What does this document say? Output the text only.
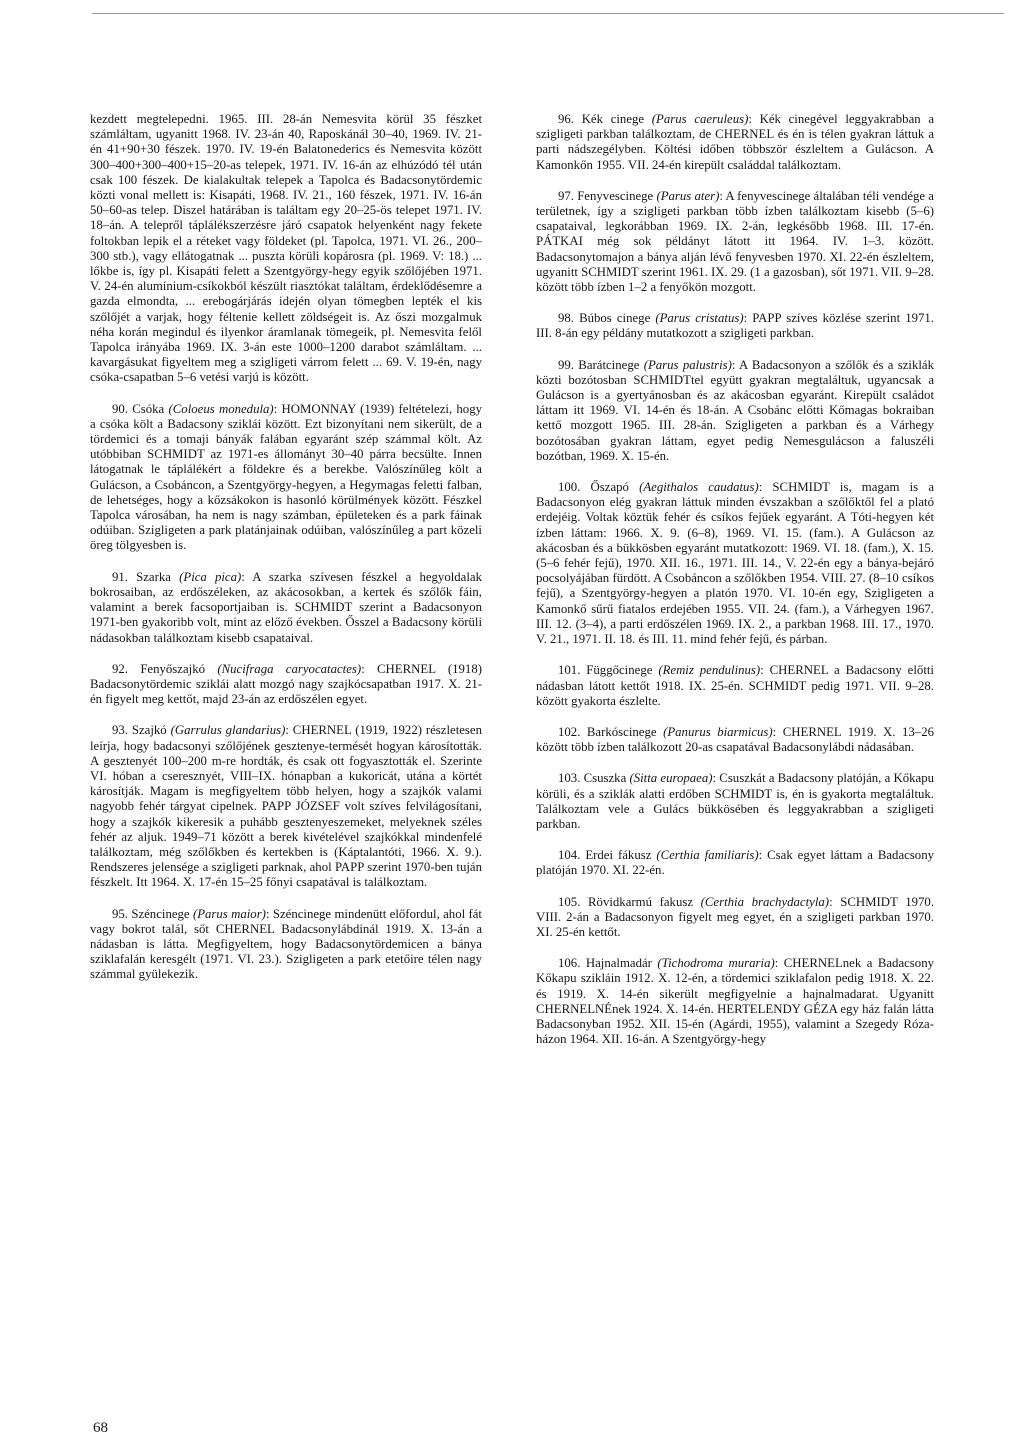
kezdett megtelepedni. 1965. III. 28-án Nemesvita körül 35 fészket számláltam, ugyanitt 1968. IV. 23-án 40, Raposkánál 30–40, 1969. IV. 21-én 41+90+30 fészek. 1970. IV. 19-én Balatonederics és Nemesvita között 300–400+300–400+15–20-as telepek, 1971. IV. 16-án az elhúzódó tél után csak 100 fészek. De kialakultak telepek a Tapolca és Badacsonytördemic közti vonal mellett is: Kisapáti, 1968. IV. 21., 160 fészek, 1971. IV. 16-án 50–60-as telep. Diszel határában is találtam egy 20–25-ös telepet 1971. IV. 18–án. A telepről táplálékszerzésre járó csapatok helyenként nagy fekete foltokban lepik el a réteket vagy földeket (pl. Tapolca, 1971. VI. 26., 200–300 stb.), vagy ellátogatnak ... puszta körüli kopárosra (pl. 1969. V: 18.) ... lőkbe is, így pl. Kisapáti felett a Szentgyörgy-hegy egyik szőlőjében 1971. V. 24-én alumínium-csíkokból készült riasztókat találtam, érdeklődésemre a gazda elmondta, ... erebogárjárás idején olyan tömegben lepték el kis szőlőjét a varjak, hogy féltenie kellett zöldségeit is. Az őszi mozgalmuk néha korán megindul és ilyenkor áramlanak tömegeik, pl. Nemesvita felől Tapolca irányába 1969. IX. 3-án este 1000–1200 darabot számláltam. ... kavargásukat figyeltem meg a szigligeti várrom felett ... 69. V. 19-én, nagy csóka-csapatban 5–6 vetési varjú is között.

90. Csóka (Coloeus monedula): HOMONNAY (1939) feltételezi, hogy a csóka költ a Badacsony sziklái között. Ezt bizonyítani nem sikerült, de a tördemici és a tomaji bányák falában egyaránt szép számmal költ. Az utóbbiban SCHMIDT az 1971-es állományt 30–40 párra becsülte. Innen látogatnak le táplálékért a földekre és a berekbe. Valószínűleg költ a Gulácson, a Csobáncon, a Szentgyörgy-hegyen, a Hegymagas feletti falban, de lehetséges, hogy a kőzsákokon is hasonló körülmények között. Fészkel Tapolca városában, ha nem is nagy számban, épületeken és a park fáinak odúiban. Szigligeten a park platánjainak odúiban, valószínűleg a part közeli öreg tölgyesben is.

91. Szarka (Pica pica): A szarka szívesen fészkel a hegyoldalak bokrosaiban, az erdőszéleken, az akácosokban, a kertek és szőlők fáin, valamint a berek facsoportjaiban is. SCHMIDT szerint a Badacsonyon 1971-ben gyakoribb volt, mint az előző években. Ősszel a Badacsony körüli nádasokban találkoztam kisebb csapataival.

92. Fenyőszajkó (Nucifraga caryocatactes): CHERNEL (1918) Badacsonytördemic sziklái alatt mozgó nagy szajkócsapatban 1917. X. 21-én figyelt meg kettőt, majd 23-án az erdőszélen egyet.

93. Szajkó (Garrulus glandarius): CHERNEL (1919, 1922) részletesen leírja, hogy badacsonyi szőlőjének gesztenye-termését hogyan károsították. A gesztenyét 100–200 m-re hordták, és csak ott fogyasztották el. Szerinte VI. hóban a cseresznyét, VIII–IX. hónapban a kukoricát, utána a körtét károsítják. Magam is megfigyeltem több helyen, hogy a szajkók valami nagyobb fehér tárgyat cipelnek. PAPP JÓZSEF volt szíves felvilágosítani, hogy a szajkók kikeresik a puhább gesztenyeszemeket, melyeknek széles fehér az aljuk. 1949–71 között a berek kivételével szajkókkal mindenfelé találkoztam, még szőlőkben és kertekben is (Káptalantóti, 1966. X. 9.). Rendszeres jelensége a szigligeti parknak, ahol PAPP szerint 1970-ben tuján fészkelt. Itt 1964. X. 17-én 15–25 főnyi csapatával is találkoztam.

95. Széncinege (Parus maior): Széncinege mindenütt előfordul, ahol fát vagy bokrot talál, sőt CHERNEL Badacsonylábdinál 1919. X. 13-án a nádasban is látta. Megfigyeltem, hogy Badacsonytördemicen a bánya sziklafalán keresgélt (1971. VI. 23.). Szigligeten a park etetőire télen nagy számmal gyülekezik.

96. Kék cinege (Parus caeruleus): Kék cinegével leggyakrabban a szigligeti parkban találkoztam, de CHERNEL és én is télen gyakran láttuk a parti nádszegélyben. Költési időben többször észleltem a Gulácson. A Kamonkőn 1955. VII. 24-én kirepült családdal találkoztam.

97. Fenyvescinege (Parus ater): A fenyvescinege általában téli vendége a területnek, így a szigligeti parkban több ízben találkoztam kisebb (5–6) csapataival, legkorábban 1969. IX. 2-án, legkésőbb 1968. III. 17-én. PÁTKAI még sok példányt látott itt 1964. IV. 1–3. között. Badacsonytomajon a bánya alján lévő fenyvesben 1970. XI. 22-én észleltem, ugyanitt SCHMIDT szerint 1961. IX. 29. (1 a gazosban), sőt 1971. VII. 9–28. között több ízben 1–2 a fenyőkön mozgott.

98. Búbos cinege (Parus cristatus): PAPP szíves közlése szerint 1971. III. 8-án egy példány mutatkozott a szigligeti parkban.

99. Barátcinege (Parus palustris): A Badacsonyon a szőlők és a sziklák közti bozótosban SCHMIDTtel együtt gyakran megtaláltuk, ugyancsak a Gulácson is a gyertyánosban és az akácosban egyaránt. Kirepült családot láttam itt 1969. VI. 14-én és 18-án. A Csobánc előtti Kőmagas bokraiban kettő mozgott 1965. III. 28-án. Szigligeten a parkban és a Várhegy bozótosában gyakran láttam, egyet pedig Nemesgulácson a faluszéli bozótban, 1969. X. 15-én.

100. Őszapó (Aegithalos caudatus): SCHMIDT is, magam is a Badacsonyon elég gyakran láttuk minden évszakban a szőlőktől fel a plató erdejéig. Voltak köztük fehér és csíkos fejűek egyaránt. A Tóti-hegyen két ízben láttam: 1966. X. 9. (6–8), 1969. VI. 15. (fam.). A Gulácson az akácosban és a bükkösben egyaránt mutatkozott: 1969. VI. 18. (fam.), X. 15. (5–6 fehér fejű), 1970. XII. 16., 1971. III. 14., V. 22-én egy a bánya-bejáró pocsolyájában fürdött. A Csobáncon a szőlőkben 1954. VIII. 27. (8–10 csíkos fejű), a Szentgyörgy-hegyen a platón 1970. VI. 10-én egy, Szigligeten a Kamonkő sűrű fiatalos erdejében 1955. VII. 24. (fam.), a Várhegyen 1967. III. 12. (3–4), a parti erdőszélen 1969. IX. 2., a parkban 1968. III. 17., 1970. V. 21., 1971. II. 18. és III. 11. mind fehér fejű, és párban.

101. Függőcinege (Remiz pendulinus): CHERNEL a Badacsony előtti nádasban látott kettőt 1918. IX. 25-én. SCHMIDT pedig 1971. VII. 9–28. között gyakorta észlelte.

102. Barkóscinege (Panurus biarmicus): CHERNEL 1919. X. 13–26 között több ízben találkozott 20-as csapatával Badacsonylábdi nádasában.

103. Csuszka (Sitta europaea): Csuszkát a Badacsony platóján, a Kőkapu körüli, és a sziklák alatti erdőben SCHMIDT is, én is gyakorta megtaláltuk. Találkoztam vele a Gulács bükkösében és leggyakrabban a szigligeti parkban.

104. Erdei fákusz (Certhia familiaris): Csak egyet láttam a Badacsony platóján 1970. XI. 22-én.

105. Rövidkarmú fakusz (Certhia brachydactyla): SCHMIDT 1970. VIII. 2-án a Badacsonyon figyelt meg egyet, én a szigligeti parkban 1970. XI. 25-én kettőt.

106. Hajnalmadár (Tichodroma muraria): CHERNELnek a Badacsony Kőkapu szikláin 1912. X. 12-én, a tördemici sziklafalon pedig 1918. X. 22. és 1919. X. 14-én sikerült megfigyelnie a hajnalmadarat. Ugyanitt CHERNELNÉnek 1924. X. 14-én. HERTELENDY GÉZA egy ház falán látta Badacsonyban 1952. XII. 15-én (Agárdi, 1955), valamint a Szegedy Róza-házon 1964. XII. 16-án. A Szentgyörgy-hegy

68
